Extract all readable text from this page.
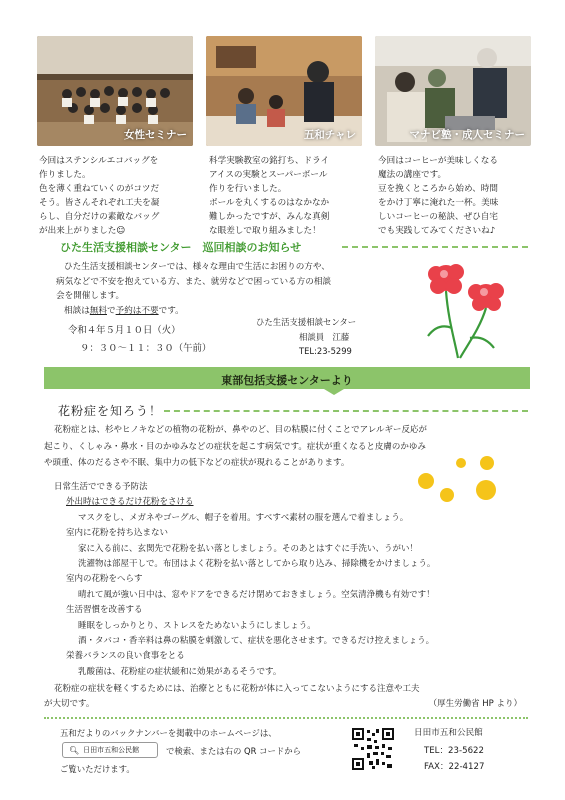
女性セミナー	五和チャレ	マナビ塾・成人セミナー
今回はステンシルエコバッグを
作りました。
色を薄く重ねていくのがコツだ
そう。皆さんそれぞれ工夫を凝
らし、自分だけの素敵なバッグ
が出来上がりました☺
科学実験教室の銘打ち、ドライ
アイスの実験とスーパーボール
作りを行いました。
ボールを丸くするのはなかなか
難しかったですが、みんな真剣
な眼差しで取り組みました！
今回はコーヒーが美味しくなる
魔法の講座です。
豆を挽くところから始め、時間
をかけ丁寧に淹れた一杯。美味
しいコーヒーの秘訣、ぜひ自宅
でも実践してみてくださいね♪
ひた生活支援相談センター　巡回相談のお知らせ
ひた生活支援相談センターでは、様々な理由で生活にお困りの方や、
病気などで不安を抱えている方、また、就労などで困っている方の相談
会を開催します。
相談は無料で予約は不要です。
令和４年５月１０日（火）
９：３０～１１：３０（午前）
ひた生活支援相談センター
相談員　江藤
TEL:23-5299
東部包括支援センターより
花粉症を知ろう！
花粉症とは、杉やヒノキなどの植物の花粉が、鼻やのど、目の粘膜に付くことでアレルギー反応が
起こり、くしゃみ・鼻水・目のかゆみなどの症状を起こす病気です。症状が重くなると皮膚のかゆみ
や頭重、体のだるさや不眠、集中力の低下などの症状が現れることがあります。
日常生活でできる予防法
外出時はできるだけ花粉をさける
マスクをし、メガネやゴーグル、帽子を着用。すべすべ素材の服を選んで着ましょう。
室内に花粉を持ち込まない
家に入る前に、玄関先で花粉を払い落としましょう。そのあとはすぐに手洗い、うがい！
洗濯物は部屋干しで。布団はよく花粉を払い落としてから取り込み、掃除機をかけましょう。
室内の花粉をへらす
晴れて風が強い日中は、窓やドアをできるだけ閉めておきましょう。空気清浄機も有効です！
生活習慣を改善する
睡眠をしっかりとり、ストレスをためないようにしましょう。
酒・タバコ・香辛料は鼻の粘膜を刺激して、症状を悪化させます。できるだけ控えましょう。
栄養バランスの良い食事をとる
乳酸菌は、花粉症の症状緩和に効果があるそうです。
花粉症の症状を軽くするためには、治療とともに花粉が体に入ってこないようにする注意や工夫
が大切です。	（厚生労働省 HP より）
五和だよりのバックナンバーを掲載中のホームページは、
🔍︎ 日田市五和公民館	で検索、または右の QR コードから
ご覧いただけます。
日田市五和公民館
TEL：23-5622
FAX：22-4127
